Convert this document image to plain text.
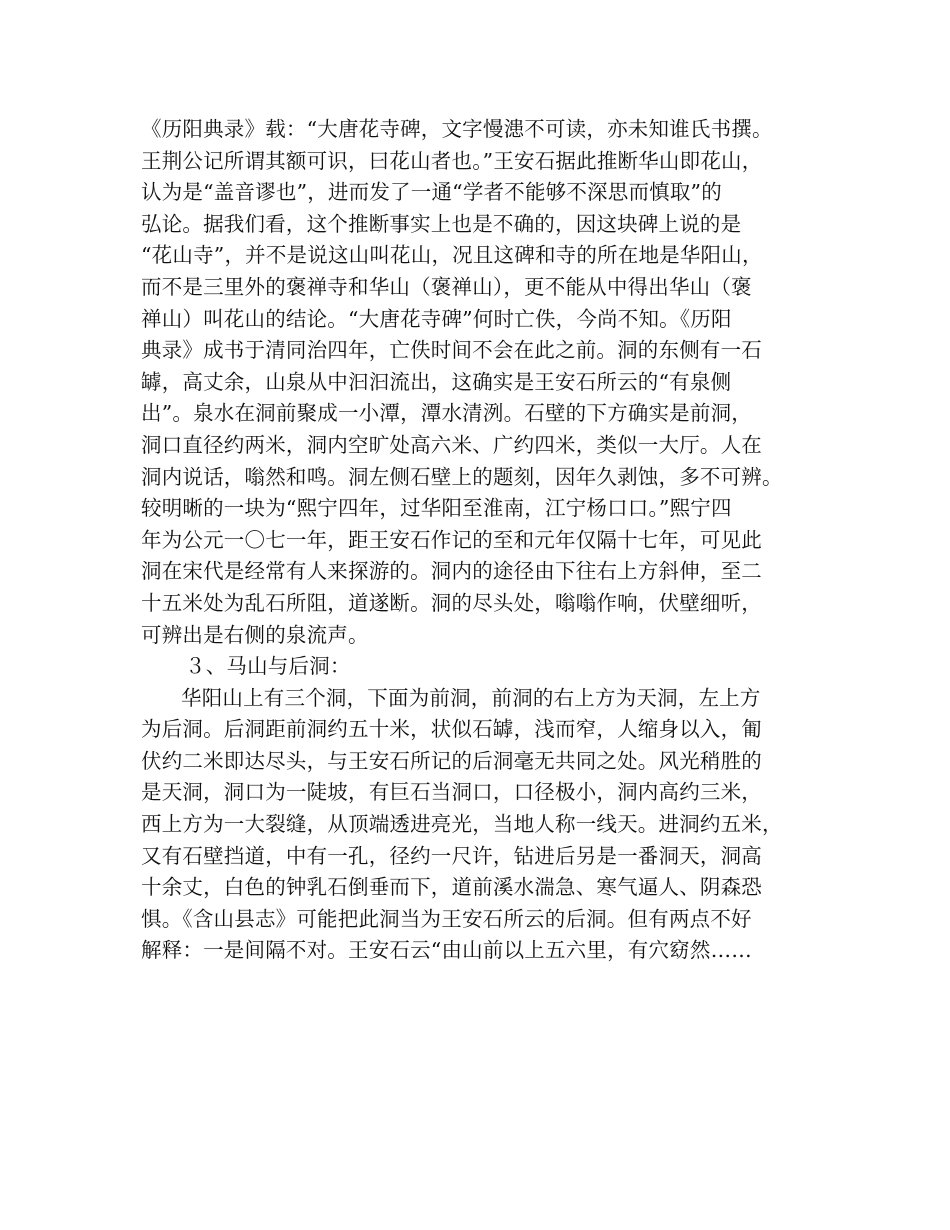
《历阳典录》载：“大唐花寺碑，文字慢漶不可读，亦未知谁氏书撰。
王荆公记所谓其额可识，曰花山者也。”王安石据此推断华山即花山，
认为是“盖音谬也”，进而发了一通“学者不能够不深思而慎取”的
弘论。据我们看，这个推断事实上也是不确的，因这块碑上说的是
“花山寺”，并不是说这山叫花山，况且这碑和寺的所在地是华阳山，
而不是三里外的褒禅寺和华山（褒禅山），更不能从中得出华山（褒
禅山）叫花山的结论。“大唐花寺碑”何时亡佚，今尚不知。《历阳
典录》成书于清同治四年，亡佚时间不会在此之前。洞的东侧有一石
罅，高丈余，山泉从中汩汩流出，这确实是王安石所云的“有泉侧
出”。泉水在洞前聚成一小潭，潭水清洌。石壁的下方确实是前洞，
洞口直径约两米，洞内空旷处高六米、广约四米，类似一大厅。人在
洞内说话，嗡然和鸣。洞左侧石壁上的题刻，因年久剥蚀，多不可辨。
较明晰的一块为“熙宁四年，过华阳至淮南，江宁杨口口。”熙宁四
年为公元一〇七一年，距王安石作记的至和元年仅隔十七年，可见此
洞在宋代是经常有人来探游的。洞内的途径由下往右上方斜伸，至二
十五米处为乱石所阻，道遂断。洞的尽头处，嗡嗡作响，伏壁细听，
可辨出是右侧的泉流声。
３、马山与后洞：
华阳山上有三个洞，下面为前洞，前洞的右上方为天洞，左上方
为后洞。后洞距前洞约五十米，状似石罅，浅而窄，人缩身以入，匍
伏约二米即达尽头，与王安石所记的后洞毫无共同之处。风光稍胜的
是天洞，洞口为一陡坡，有巨石当洞口，口径极小，洞内高约三米，
西上方为一大裂缝，从顶端透进亮光，当地人称一线天。进洞约五米，
又有石壁挡道，中有一孔，径约一尺许，钻进后另是一番洞天，洞高
十余丈，白色的钟乳石倒垂而下，道前溪水湍急、寒气逼人、阴森恐
惧。《含山县志》可能把此洞当为王安石所云的后洞。但有两点不好
解释：一是间隔不对。王安石云“由山前以上五六里，有穴窈然……
